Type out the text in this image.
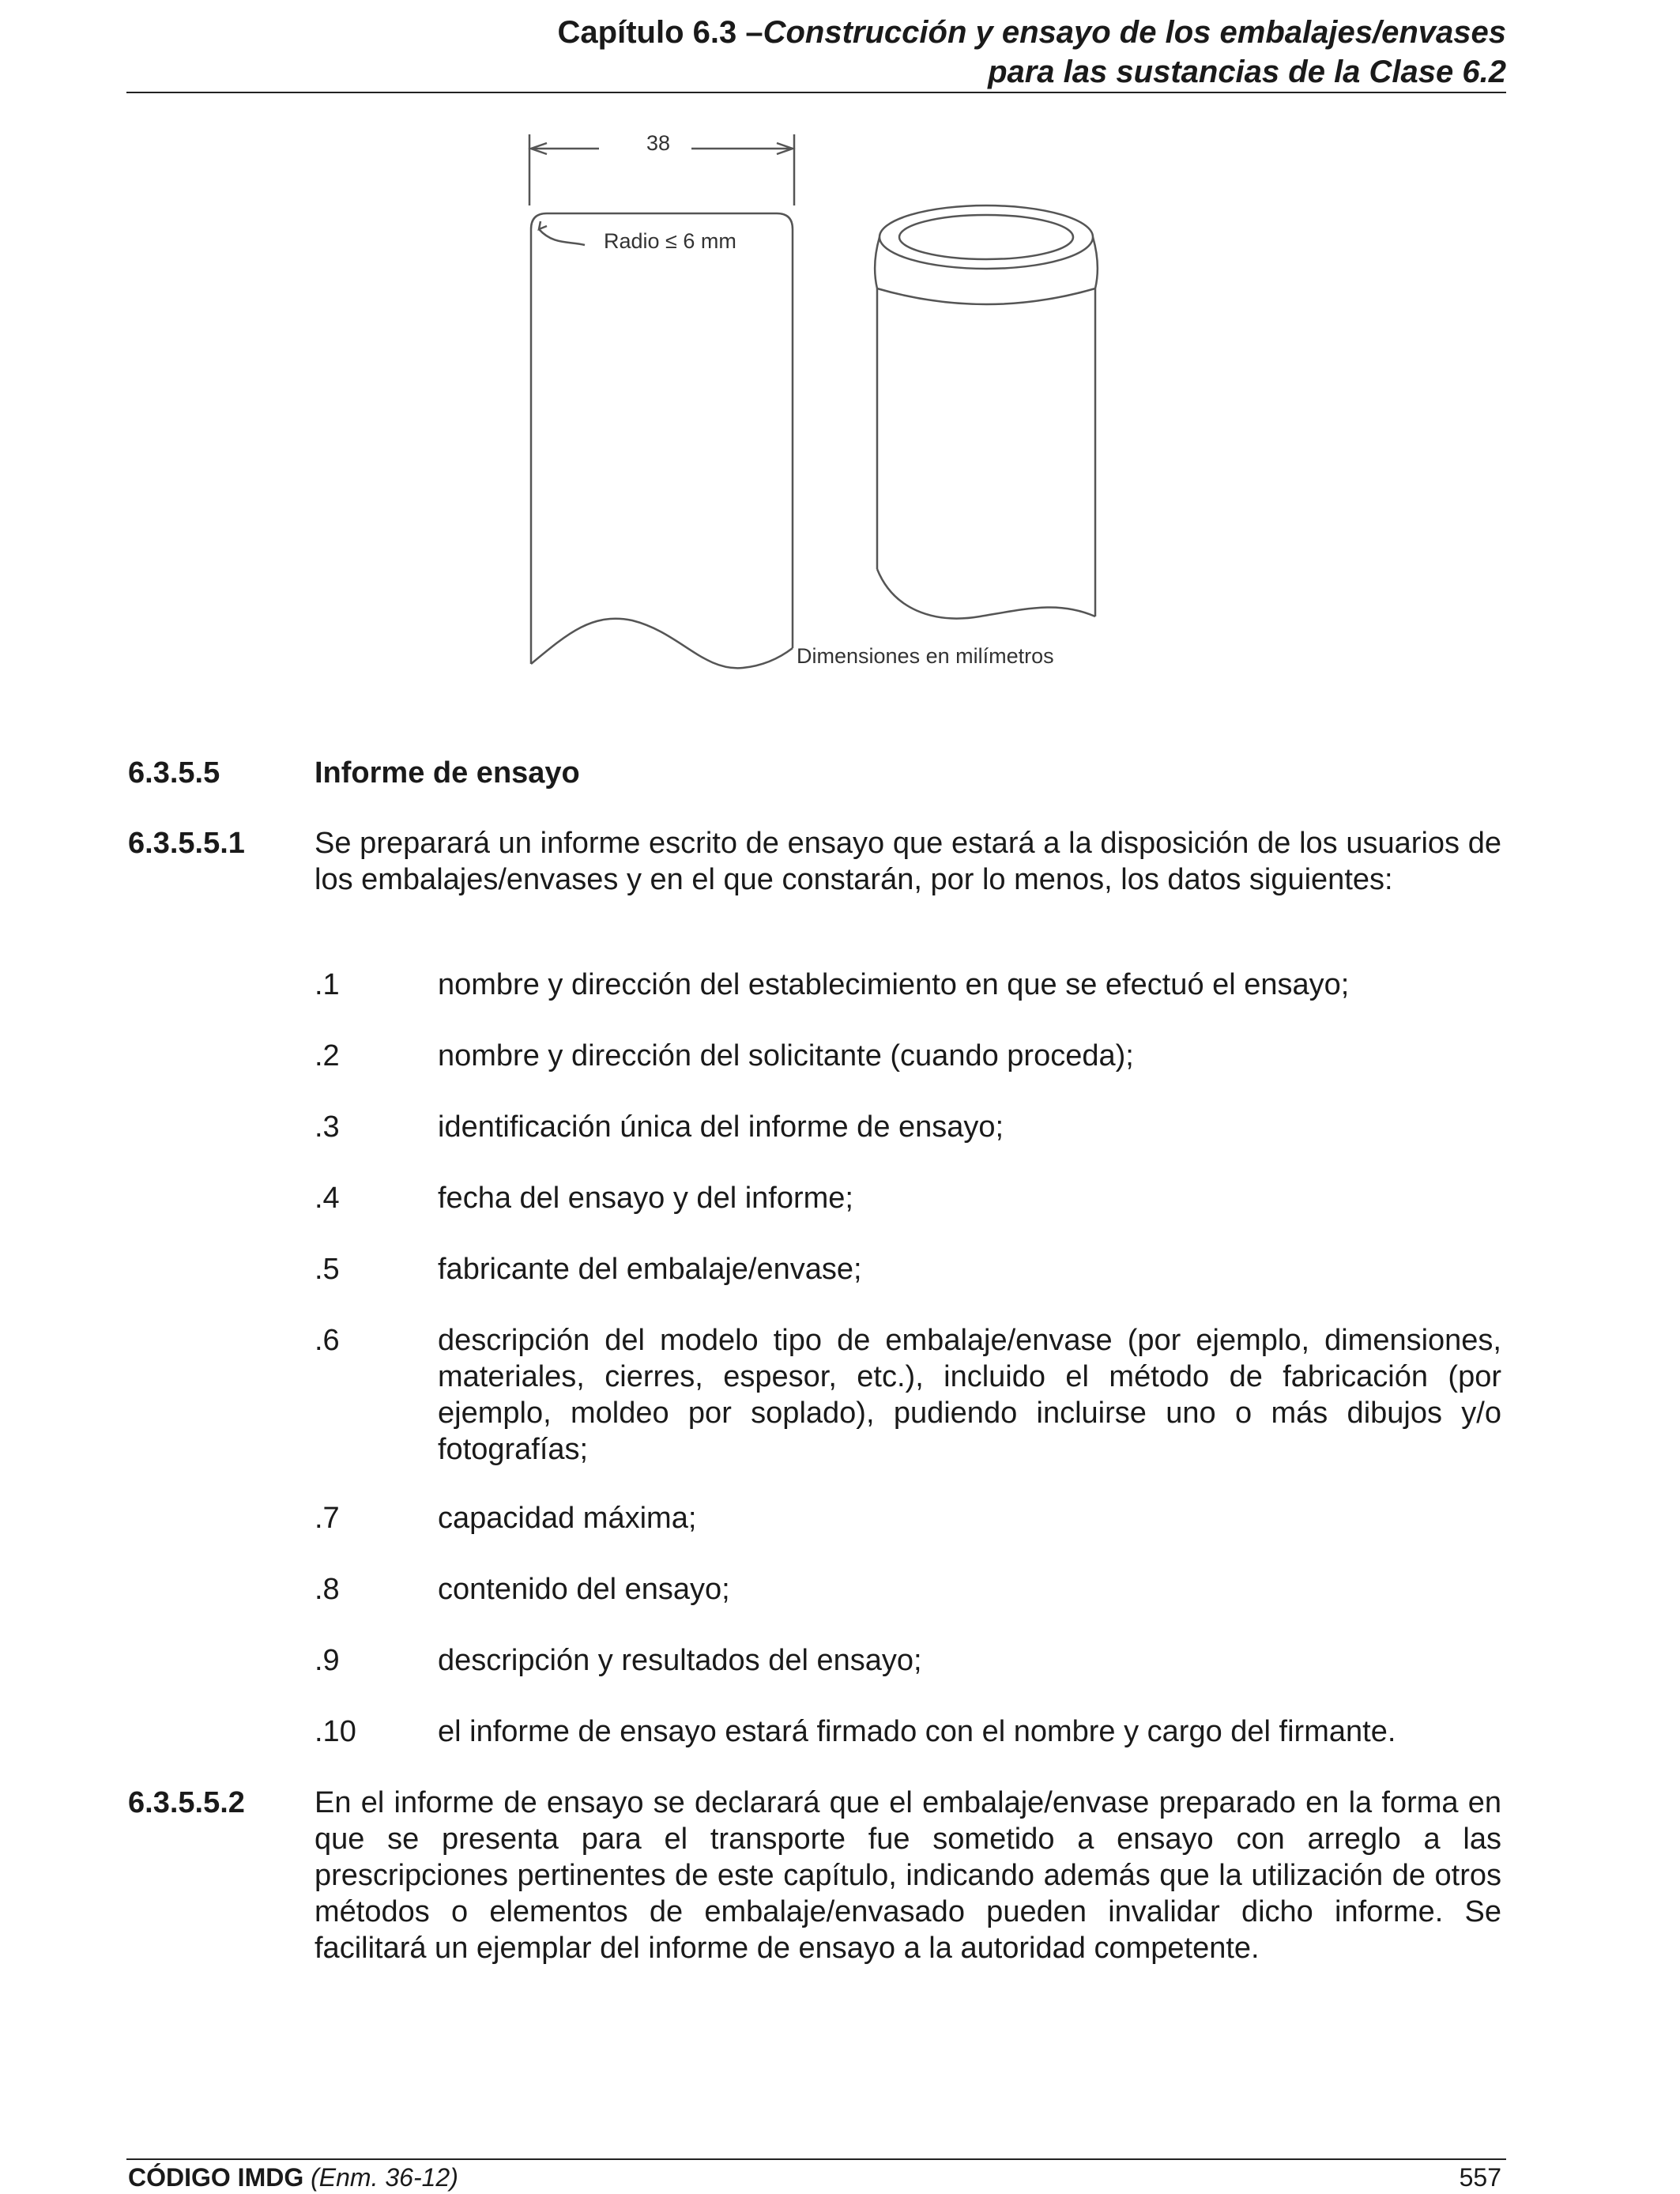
Capítulo 6.3 –Construcción y ensayo de los embalajes/envases
para las sustancias de la Clase 6.2
38
Radio ≤ 6 mm
Dimensiones en milímetros
6.3.5.5	Informe de ensayo
6.3.5.5.1 Se preparará un informe escrito de ensayo que estará a la disposición de los usuarios de los embalajes/envases y en el que constarán, por lo menos, los datos siguientes:
.1	nombre y dirección del establecimiento en que se efectuó el ensayo;
.2	nombre y dirección del solicitante (cuando proceda);
.3	identificación única del informe de ensayo;
.4	fecha del ensayo y del informe;
.5	fabricante del embalaje/envase;
.6	descripción del modelo tipo de embalaje/envase (por ejemplo, dimensiones, materiales, cierres, espesor, etc.), incluido el método de fabricación (por ejemplo, moldeo por soplado), pudiendo incluirse uno o más dibujos y/o fotografías;
.7	capacidad máxima;
.8	contenido del ensayo;
.9	descripción y resultados del ensayo;
.10	el informe de ensayo estará firmado con el nombre y cargo del firmante.
6.3.5.5.2 En el informe de ensayo se declarará que el embalaje/envase preparado en la forma en que se presenta para el transporte fue sometido a ensayo con arreglo a las prescripciones pertinentes de este capítulo, indicando además que la utilización de otros métodos o elementos de embalaje/envasado pueden invalidar dicho informe. Se facilitará un ejemplar del informe de ensayo a la autoridad competente.
CÓDIGO IMDG (Enm. 36-12)	557
